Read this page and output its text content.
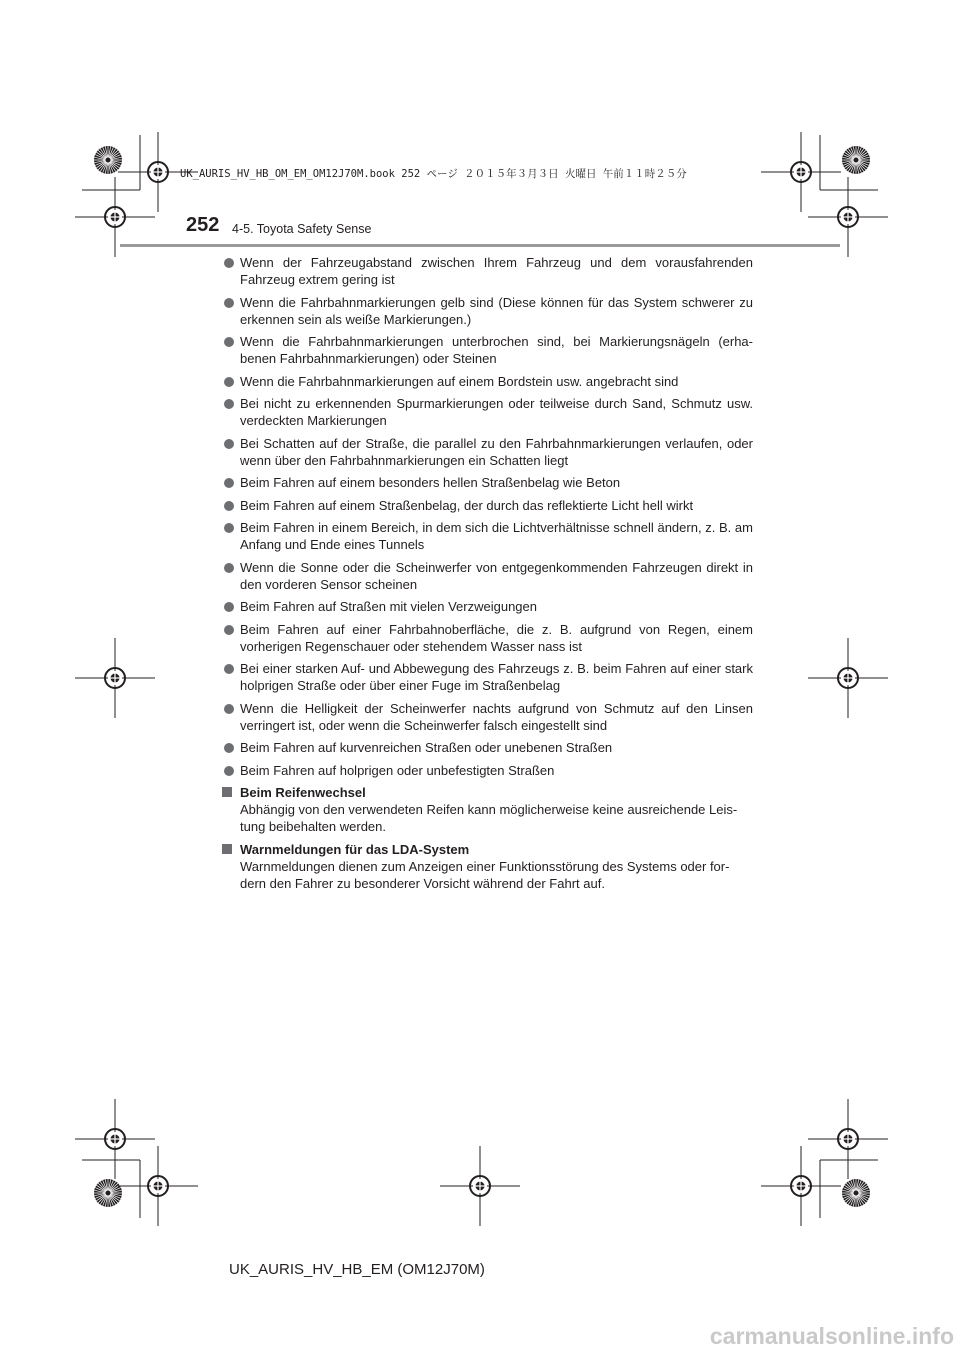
UK_AURIS_HV_HB_OM_EM_OM12J70M.book 252 ページ ２０１５年３月３日 火曜日 午前１１時２５分
252 4-5. Toyota Safety Sense
Wenn der Fahrzeugabstand zwischen Ihrem Fahrzeug und dem vorausfahrenden Fahrzeug extrem gering ist
Wenn die Fahrbahnmarkierungen gelb sind (Diese können für das System schwerer zu erkennen sein als weiße Markierungen.)
Wenn die Fahrbahnmarkierungen unterbrochen sind, bei Markierungsnägeln (erha-benen Fahrbahnmarkierungen) oder Steinen
Wenn die Fahrbahnmarkierungen auf einem Bordstein usw. angebracht sind
Bei nicht zu erkennenden Spurmarkierungen oder teilweise durch Sand, Schmutz usw. verdeckten Markierungen
Bei Schatten auf der Straße, die parallel zu den Fahrbahnmarkierungen verlaufen, oder wenn über den Fahrbahnmarkierungen ein Schatten liegt
Beim Fahren auf einem besonders hellen Straßenbelag wie Beton
Beim Fahren auf einem Straßenbelag, der durch das reflektierte Licht hell wirkt
Beim Fahren in einem Bereich, in dem sich die Lichtverhältnisse schnell ändern, z. B. am Anfang und Ende eines Tunnels
Wenn die Sonne oder die Scheinwerfer von entgegenkommenden Fahrzeugen direkt in den vorderen Sensor scheinen
Beim Fahren auf Straßen mit vielen Verzweigungen
Beim Fahren auf einer Fahrbahnoberfläche, die z. B. aufgrund von Regen, einem vorherigen Regenschauer oder stehendem Wasser nass ist
Bei einer starken Auf- und Abbewegung des Fahrzeugs z. B. beim Fahren auf einer stark holprigen Straße oder über einer Fuge im Straßenbelag
Wenn die Helligkeit der Scheinwerfer nachts aufgrund von Schmutz auf den Linsen verringert ist, oder wenn die Scheinwerfer falsch eingestellt sind
Beim Fahren auf kurvenreichen Straßen oder unebenen Straßen
Beim Fahren auf holprigen oder unbefestigten Straßen
Beim Reifenwechsel
Abhängig von den verwendeten Reifen kann möglicherweise keine ausreichende Leis-tung beibehalten werden.
Warnmeldungen für das LDA-System
Warnmeldungen dienen zum Anzeigen einer Funktionsstörung des Systems oder for-dern den Fahrer zu besonderer Vorsicht während der Fahrt auf.
UK_AURIS_HV_HB_EM (OM12J70M)
carmanualsonline.info
